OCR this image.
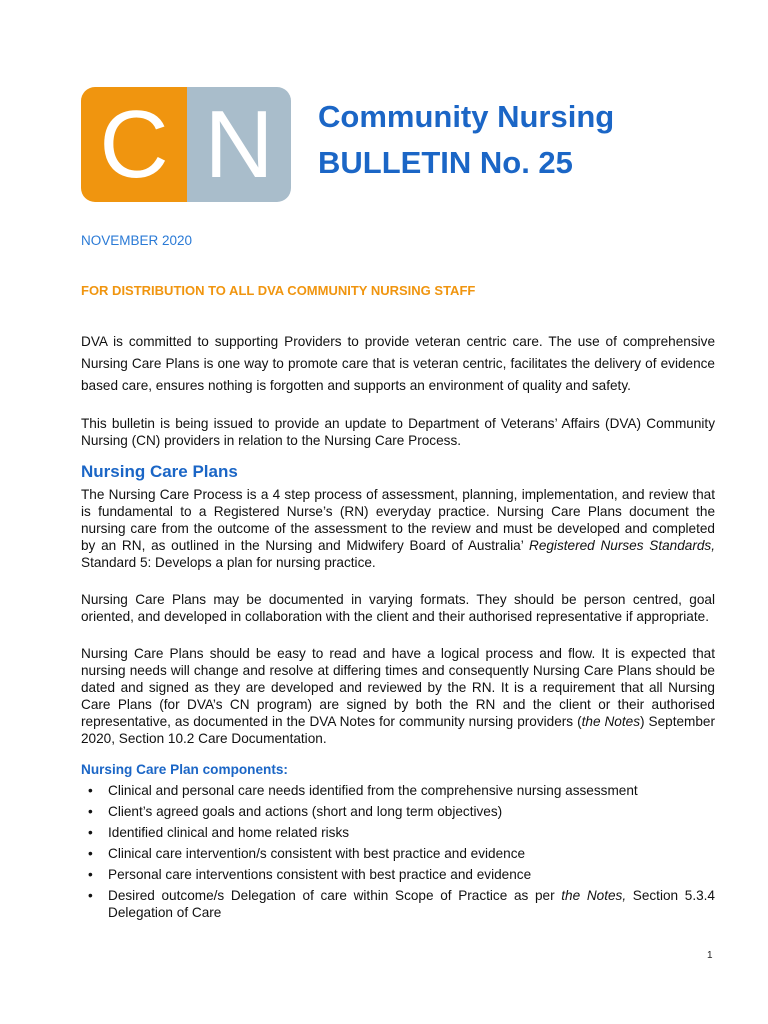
C N	Community Nursing
BULLETIN No. 25
NOVEMBER 2020
FOR DISTRIBUTION TO ALL DVA COMMUNITY NURSING STAFF

DVA is committed to supporting Providers to provide veteran centric care. The use of comprehensive Nursing Care Plans is one way to promote care that is veteran centric, facilitates the delivery of evidence based care, ensures nothing is forgotten and supports an environment of quality and safety.

This bulletin is being issued to provide an update to Department of Veterans’ Affairs (DVA) Community Nursing (CN) providers in relation to the Nursing Care Process.

Nursing Care Plans

The Nursing Care Process is a 4 step process of assessment, planning, implementation, and review that is fundamental to a Registered Nurse’s (RN) everyday practice. Nursing Care Plans document the nursing care from the outcome of the assessment to the review and must be developed and completed by an RN, as outlined in the Nursing and Midwifery Board of Australia’ Registered Nurses Standards, Standard 5: Develops a plan for nursing practice.

Nursing Care Plans may be documented in varying formats. They should be person centred, goal oriented, and developed in collaboration with the client and their authorised representative if appropriate.

Nursing Care Plans should be easy to read and have a logical process and flow. It is expected that nursing needs will change and resolve at differing times and consequently Nursing Care Plans should be dated and signed as they are developed and reviewed by the RN. It is a requirement that all Nursing Care Plans (for DVA’s CN program) are signed by both the RN and the client or their authorised representative, as documented in the DVA Notes for community nursing providers (the Notes) September 2020, Section 10.2 Care Documentation.

Nursing Care Plan components:
• Clinical and personal care needs identified from the comprehensive nursing assessment
• Client’s agreed goals and actions (short and long term objectives)
• Identified clinical and home related risks
• Clinical care intervention/s consistent with best practice and evidence
• Personal care interventions consistent with best practice and evidence
• Desired outcome/s Delegation of care within Scope of Practice as per the Notes, Section 5.3.4 Delegation of Care
1
